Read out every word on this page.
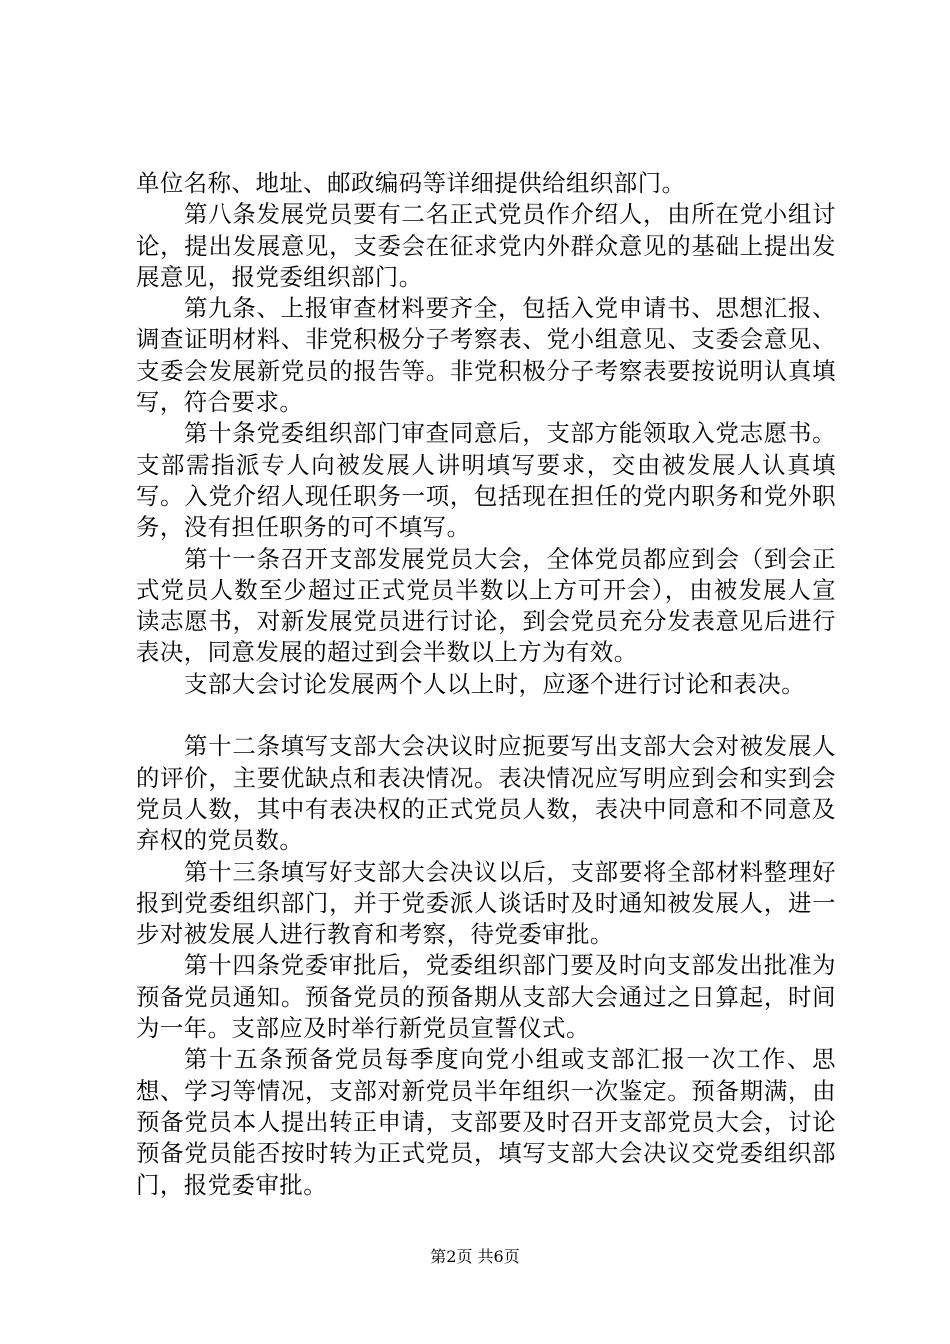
单位名称、地址、邮政编码等详细提供给组织部门。

第八条发展党员要有二名正式党员作介绍人，由所在党小组讨论，提出发展意见，支委会在征求党内外群众意见的基础上提出发展意见，报党委组织部门。

第九条、上报审查材料要齐全，包括入党申请书、思想汇报、调查证明材料、非党积极分子考察表、党小组意见、支委会意见、支委会发展新党员的报告等。非党积极分子考察表要按说明认真填写，符合要求。

第十条党委组织部门审查同意后，支部方能领取入党志愿书。支部需指派专人向被发展人讲明填写要求，交由被发展人认真填写。入党介绍人现任职务一项，包括现在担任的党内职务和党外职务，没有担任职务的可不填写。

第十一条召开支部发展党员大会，全体党员都应到会（到会正式党员人数至少超过正式党员半数以上方可开会），由被发展人宣读志愿书，对新发展党员进行讨论，到会党员充分发表意见后进行表决，同意发展的超过到会半数以上方为有效。

支部大会讨论发展两个人以上时，应逐个进行讨论和表决。

第十二条填写支部大会决议时应扼要写出支部大会对被发展人的评价，主要优缺点和表决情况。表决情况应写明应到会和实到会党员人数，其中有表决权的正式党员人数，表决中同意和不同意及弃权的党员数。

第十三条填写好支部大会决议以后，支部要将全部材料整理好报到党委组织部门，并于党委派人谈话时及时通知被发展人，进一步对被发展人进行教育和考察，待党委审批。

第十四条党委审批后，党委组织部门要及时向支部发出批准为预备党员通知。预备党员的预备期从支部大会通过之日算起，时间为一年。支部应及时举行新党员宣誓仪式。

第十五条预备党员每季度向党小组或支部汇报一次工作、思想、学习等情况，支部对新党员半年组织一次鉴定。预备期满，由预备党员本人提出转正申请，支部要及时召开支部党员大会，讨论预备党员能否按时转为正式党员，填写支部大会决议交党委组织部门，报党委审批。

第2页 共6页
